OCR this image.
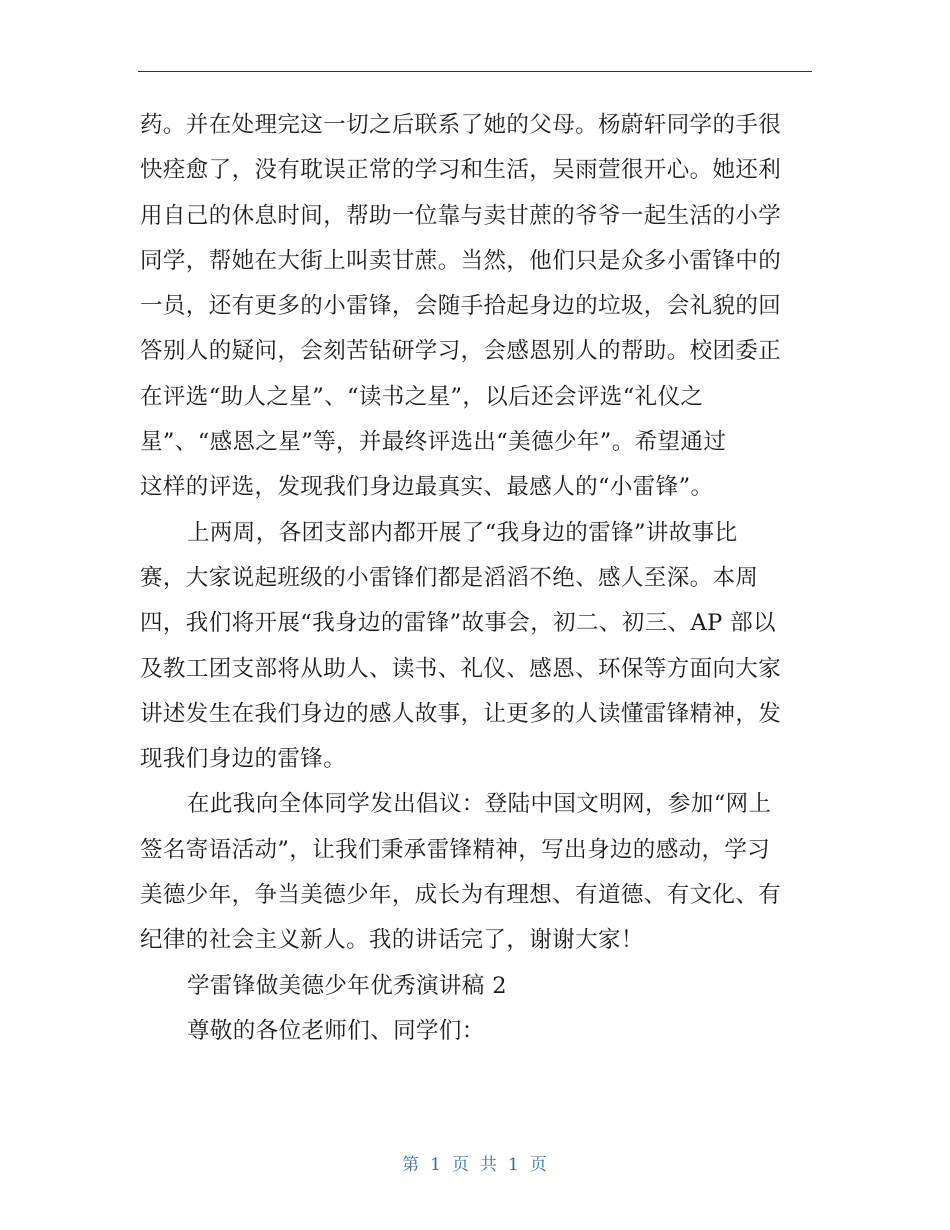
药。并在处理完这一切之后联系了她的父母。杨蔚轩同学的手很
快痊愈了，没有耽误正常的学习和生活，吴雨萱很开心。她还利
用自己的休息时间，帮助一位靠与卖甘蔗的爷爷一起生活的小学
同学，帮她在大街上叫卖甘蔗。当然，他们只是众多小雷锋中的
一员，还有更多的小雷锋，会随手拾起身边的垃圾，会礼貌的回
答别人的疑问，会刻苦钻研学习，会感恩别人的帮助。校团委正
在评选“助人之星”、“读书之星”，以后还会评选“礼仪之
星”、“感恩之星”等，并最终评选出“美德少年”。希望通过
这样的评选，发现我们身边最真实、最感人的“小雷锋”。

上两周，各团支部内都开展了“我身边的雷锋”讲故事比
赛，大家说起班级的小雷锋们都是滔滔不绝、感人至深。本周
四，我们将开展“我身边的雷锋”故事会，初二、初三、AP 部以
及教工团支部将从助人、读书、礼仪、感恩、环保等方面向大家
讲述发生在我们身边的感人故事，让更多的人读懂雷锋精神，发
现我们身边的雷锋。

在此我向全体同学发出倡议：登陆中国文明网，参加“网上
签名寄语活动”，让我们秉承雷锋精神，写出身边的感动，学习
美德少年，争当美德少年，成长为有理想、有道德、有文化、有
纪律的社会主义新人。我的讲话完了，谢谢大家！

学雷锋做美德少年优秀演讲稿 2

尊敬的各位老师们、同学们：

第 1 页 共 1 页
